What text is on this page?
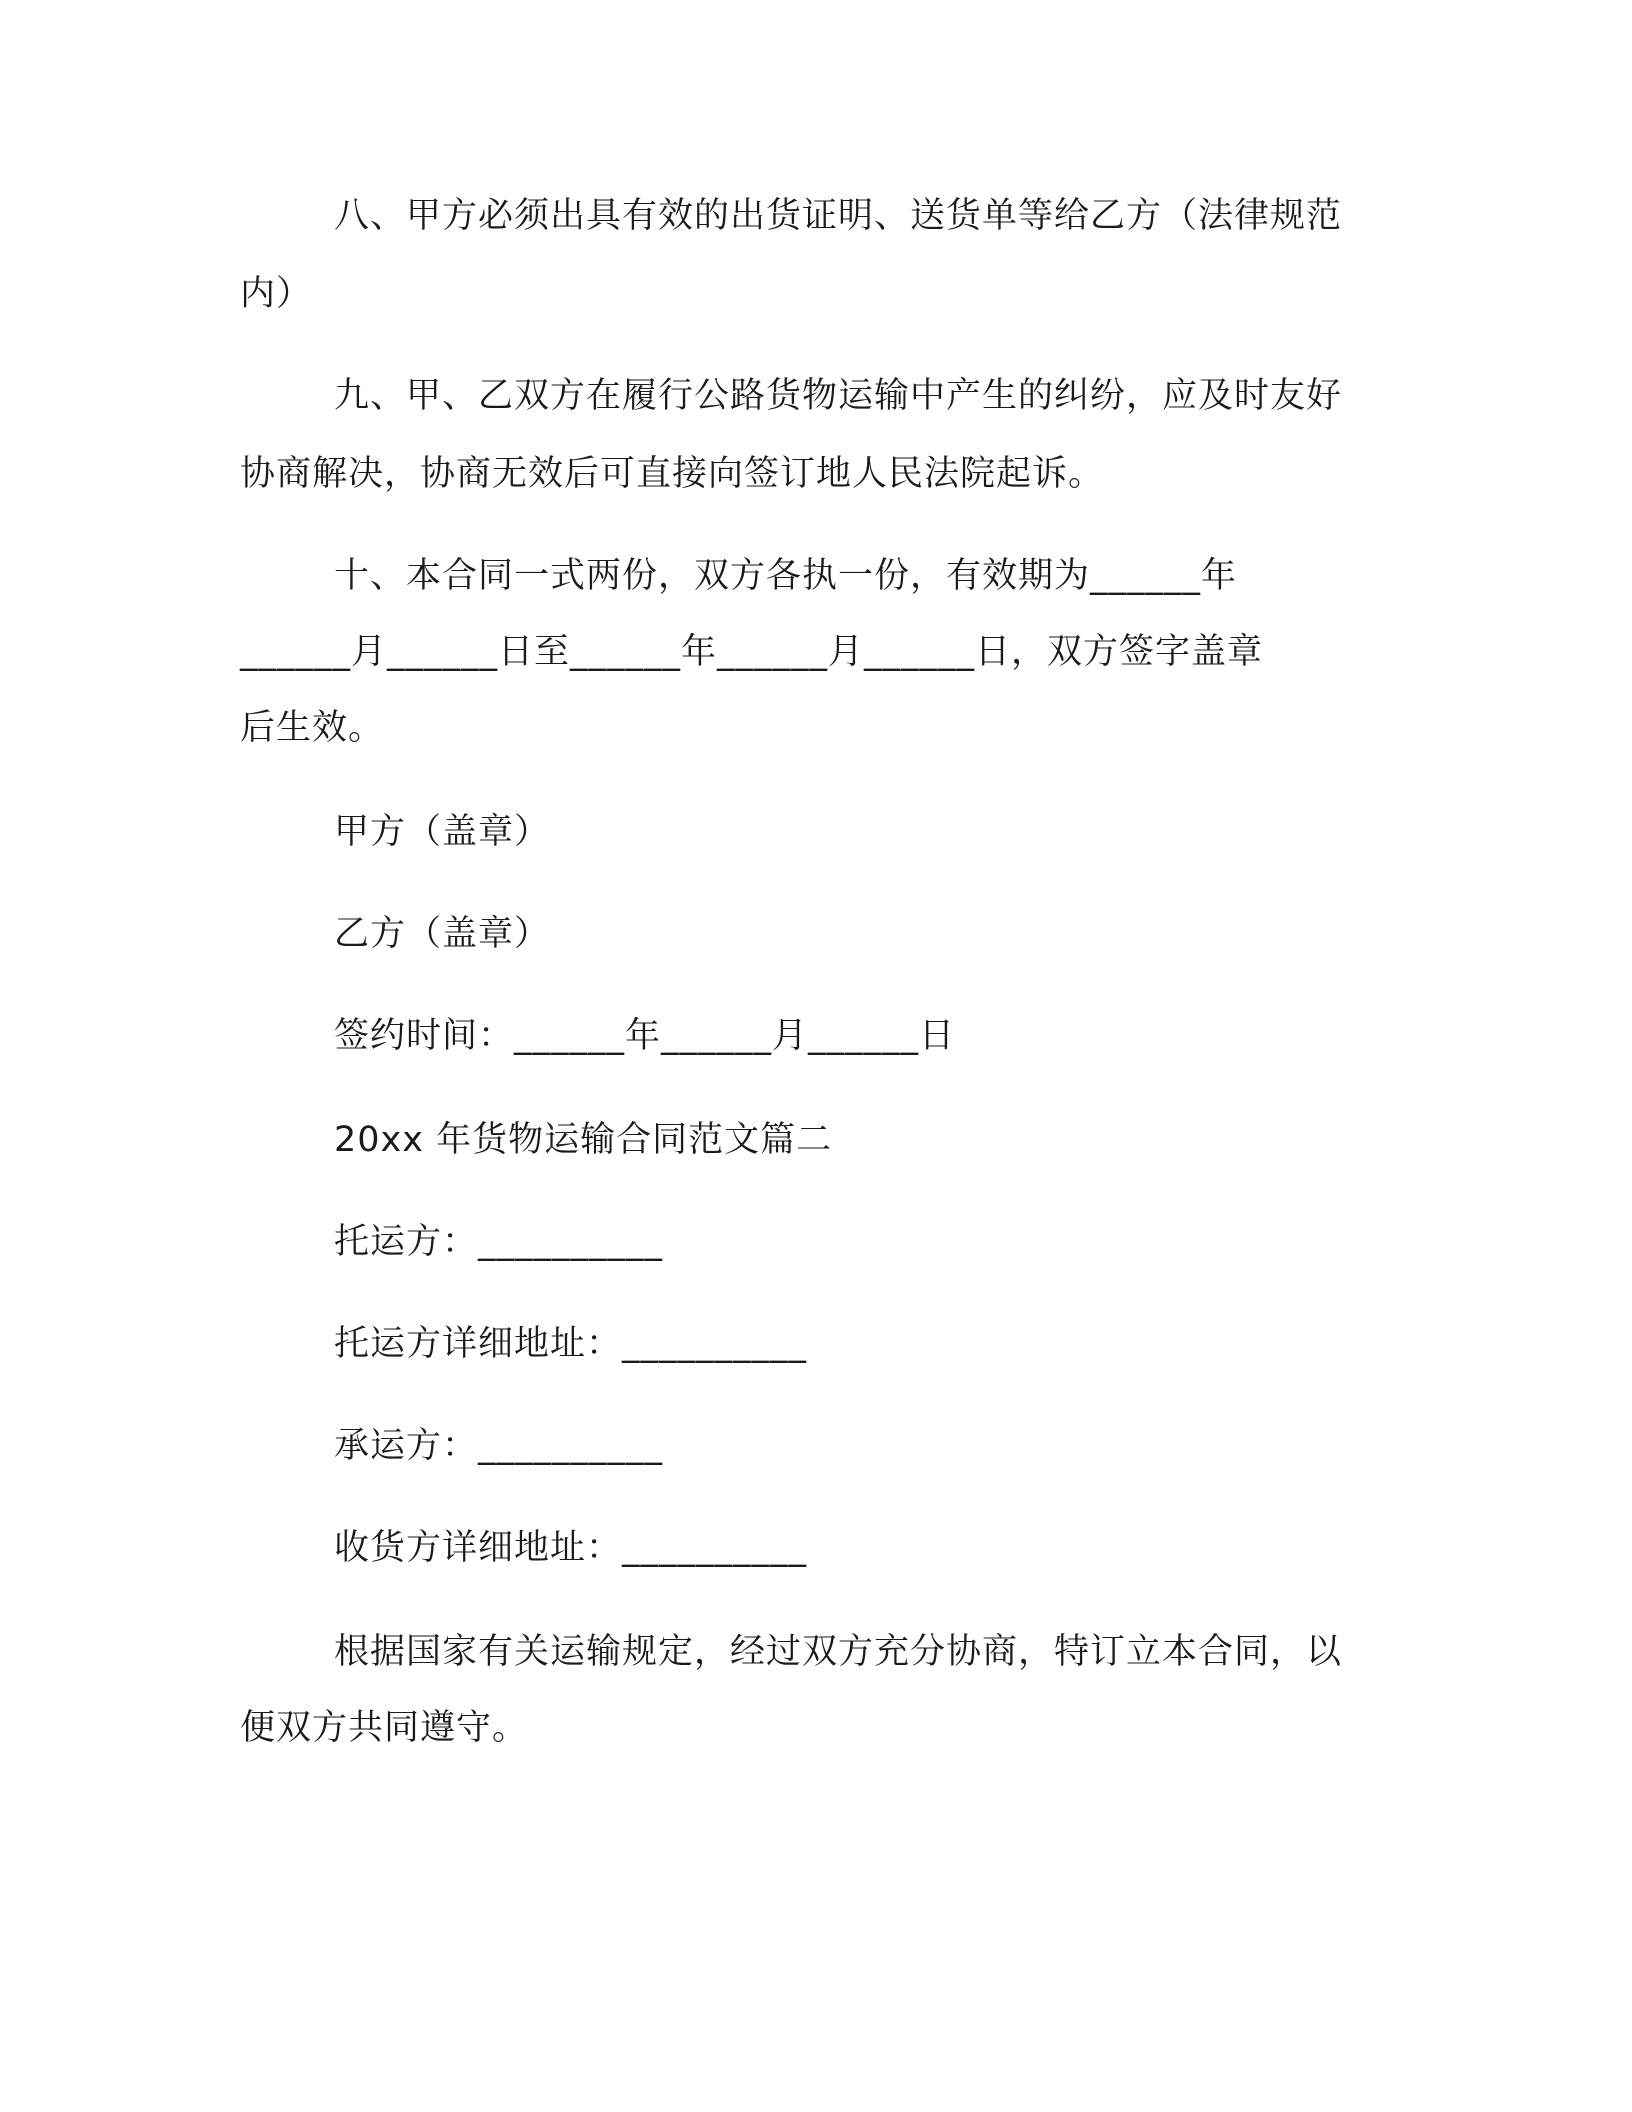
八、甲方必须出具有效的出货证明、送货单等给乙方（法律规范
内）
九、甲、乙双方在履行公路货物运输中产生的纠纷，应及时友好
协商解决，协商无效后可直接向签订地人民法院起诉。
十、本合同一式两份，双方各执一份，有效期为______年
______月______日至______年______月______日，双方签字盖章
后生效。
甲方（盖章）
乙方（盖章）
签约时间：______年______月______日
20xx 年货物运输合同范文篇二
托运方：__________
托运方详细地址：__________
承运方：__________
收货方详细地址：__________
根据国家有关运输规定，经过双方充分协商，特订立本合同，以
便双方共同遵守。
